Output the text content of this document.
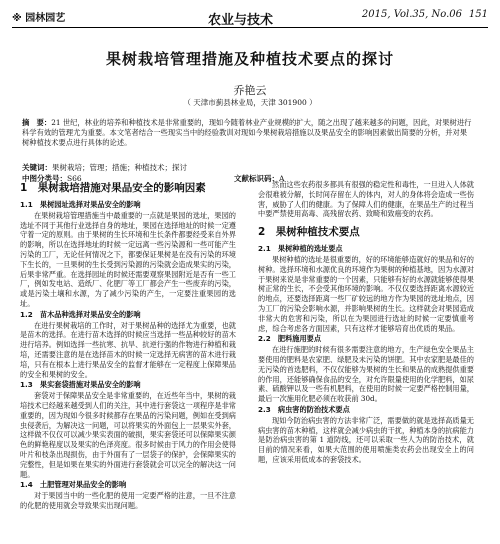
※ 园林园艺	农业与技术	2015, Vol.35, No.06 151
果树栽培管理措施及种植技术要点的探讨
乔艳云
（ 天津市蓟县林业局，天津 301900 ）
摘　要：21 世纪，林业的培养和种植技术是非常重要的，现如今随着林业产业规模的扩大，随之出现了越来越多的问题，因此，对果树进行科学有效的管理尤为重要。本文笔者结合一些现实当中的经验教训对现如今果树栽培措施以及果品安全的影响因素做出简要的分析，并对果树种植技术要点进行具体的论述。
关键词：果树栽培；管理；措施；种植技术；探讨
中图分类号：S66	文献标识码：A
1　果树栽培措施对果品安全的影响因素
1.1　果树园址选择对果品安全的影响

在果树栽培管理措施当中最重要的一点就是果园的选址，果园的选址不同于其他行业选择自身的地址，果园在选择地址的时候一定遵守着一定的原则。由于果树的生长环境和生长条件都要经受来自外界的影响，所以在选择地址的时候一定远离一些污染源和一些可能产生污染的工厂，无论任何情况之下，都要保证果树是在没有污染的环境下生长的，一旦果树的生长受到污染源的污染就会造成果实的污染，后果非常严重。在选择园址的时候还需要观察果园附近是否有一些工厂，例如发电站、造纸厂、化肥厂等工厂都会产生一些废弃的污染，或是污染土壤和水源，为了减少污染的产生，一定要注重果园的选址。

1.2　苗木品种选择对果品安全的影响

在进行果树栽培的工作时，对于果树品种的选择尤为重要，也就是苗木的选择。在进行苗木选择的时候应当选择一些品种较好的苗木进行培养。例如选择一些抗寒、抗旱、抗逆行强的作物进行种植和栽培，还需要注意的是在选择苗木的时候一定选择无病害的苗木进行栽培，只有在根本上进行果品安全的监督才能够在一定程度上保障果品的安全和果树的安全。

1.3　果实套袋措施对果品安全的影响

套袋对于保障果品安全是非常重要的，在近些年当中，果树的栽培技术已经越来越受到人们的关注，其中进行套袋这一项程序是非常重要的，因为现如今很多时候都存在果品的污染问题，例如在受到病虫侵袭后，为解决这一问题，可以将果实的外面包上一层果实外套，这样做不仅仅可以减少果实表面的破损，果实套袋还可以保障果实颜色的鲜艳程度以及果实的色泽亮度。很多时候由于风力的作用会使得叶片和枝条出现损伤，由于外面有了一层袋子的保护，会保障果实的完整性，但是如果在果实的外面进行套袋就会可以完全的解决这一问题。

1.4　土肥管理对果品安全的影响

对于果园当中的一些化肥的使用一定要严格的注意，一旦不注意的化肥的使用就会导致果实出现问题。

然而这些农药很多都具有很强的稳定性和毒性，一旦进入人体就会很难被分解，长时间存留在人的体内，对人的身体将会造成一些伤害，威胁了人们的健康。为了保障人们的健康，在果品生产的过程当中要严禁使用高毒、高残留农药、致畸和致癌变的农药。

2　果树种植技术要点
2.1　果树种植的选址要点

果树种植的选址是很重要的，好的环境能够造就好的果品和好的树种。选择环境和水源优良的环境作为果树的种植基地，因为水源对于果树来说是非常重要的一个因素，只能够有好的水源就能够使得果树正常的生长，不会受其他环境的影响。不仅仅要选择距离水源较近的地点，还要选择距离一些厂矿较远的地方作为果园的选址地点，因为工厂的污染会影响水源，并影响果树的生长。这样就会对果园造成非常大的危害和污染，所以在为果园进行选址的时候一定要慎重考虑，综合考虑各方面因素，只有这样才能够培育出优质的果品。

2.2　肥料施用要点

在进行施肥的时候有很多需要注意的地方，生产绿色安全果品主要使用的肥料是农家肥、绿肥及未污染的饼肥。其中农家肥是最佳的无污染的首选肥料，不仅仅能够为果树的生长和果品的成熟提供重要的作用，还能够确保食品的安全，对允许限量使用的化学肥料，如尿素、硫酸钾以及一些有机肥料，在使用的时候一定要严格控制用量，最后一次施用化肥必须在收获前 30d。

2.3　病虫害的防治技术要点

现如今防治病虫害的方法非常广泛，需要做的就是选择高质量无病虫害的苗木种植，这样就会减少病虫的干扰，种植本身的抗病能力是防治病虫害的第 1 道防线，还可以采取一些人为的防治技术，就目前的情况来看，如果大范围的使用喷施类农药会出现安全上的问题，应该采用低成本的套袋技术。
